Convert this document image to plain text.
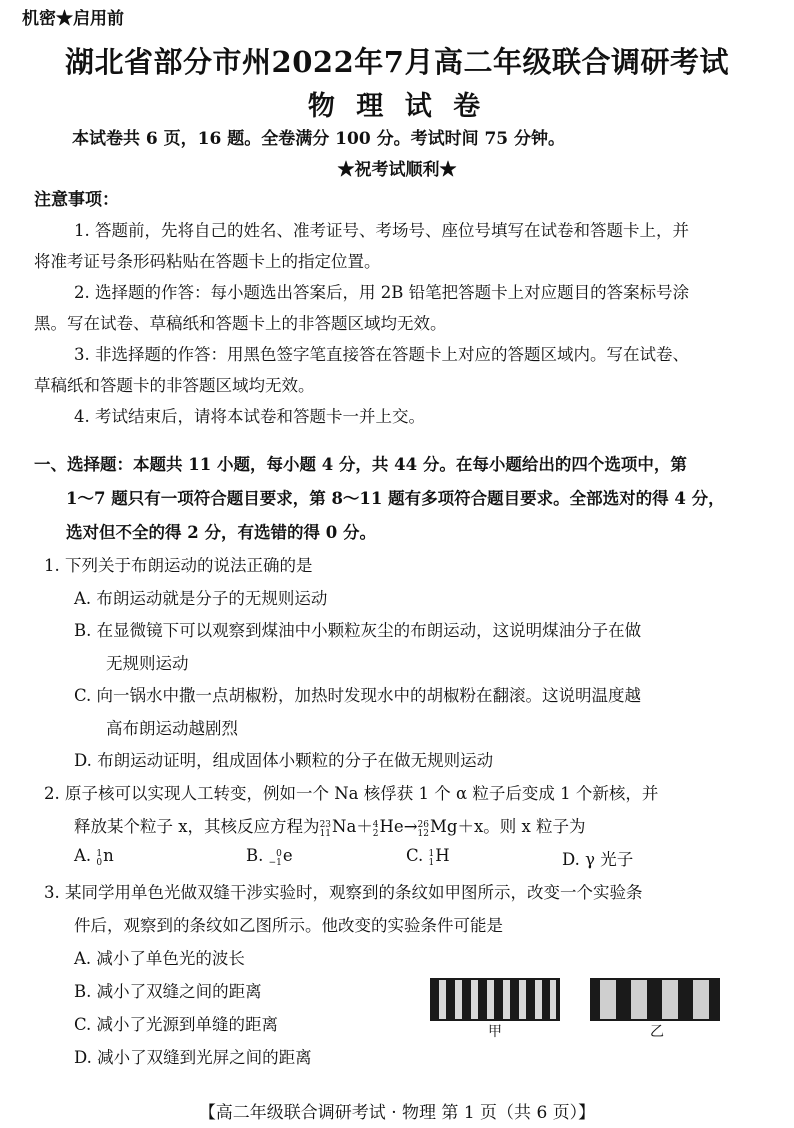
机密★启用前
湖北省部分市州2022年7月高二年级联合调研考试
物 理 试 卷
本试卷共 6 页，16 题。全卷满分 100 分。考试时间 75 分钟。
★祝考试顺利★
注意事项：
1. 答题前，先将自己的姓名、准考证号、考场号、座位号填写在试卷和答题卡上，并
将准考证号条形码粘贴在答题卡上的指定位置。
2. 选择题的作答：每小题选出答案后，用 2B 铅笔把答题卡上对应题目的答案标号涂
黑。写在试卷、草稿纸和答题卡上的非答题区域均无效。
3. 非选择题的作答：用黑色签字笔直接答在答题卡上对应的答题区域内。写在试卷、
草稿纸和答题卡的非答题区域均无效。
4. 考试结束后，请将本试卷和答题卡一并上交。
一、选择题：本题共 11 小题，每小题 4 分，共 44 分。在每小题给出的四个选项中，第
1～7 题只有一项符合题目要求，第 8～11 题有多项符合题目要求。全部选对的得 4 分，
选对但不全的得 2 分，有选错的得 0 分。
1. 下列关于布朗运动的说法正确的是
A. 布朗运动就是分子的无规则运动
B. 在显微镜下可以观察到煤油中小颗粒灰尘的布朗运动，这说明煤油分子在做
无规则运动
C. 向一锅水中撒一点胡椒粉，加热时发现水中的胡椒粉在翻滚。这说明温度越
高布朗运动越剧烈
D. 布朗运动证明，组成固体小颗粒的分子在做无规则运动
2. 原子核可以实现人工转变，例如一个 Na 核俘获 1 个 α 粒子后变成 1 个新核，并
释放某个粒子 x，其核反应方程为 23
11 Na＋ 4
2 He→ 26
12 Mg＋x。则 x 粒子为
A. 1
0 n	B.	0
−1 e	C. 1
1 H	D. γ 光子
3. 某同学用单色光做双缝干涉实验时，观察到的条纹如甲图所示，改变一个实验条
件后，观察到的条纹如乙图所示。他改变的实验条件可能是
A. 减小了单色光的波长
B. 减小了双缝之间的距离
C. 减小了光源到单缝的距离
D. 减小了双缝到光屏之间的距离
甲	乙
【高二年级联合调研考试 · 物理 第 1 页（共 6 页）】
